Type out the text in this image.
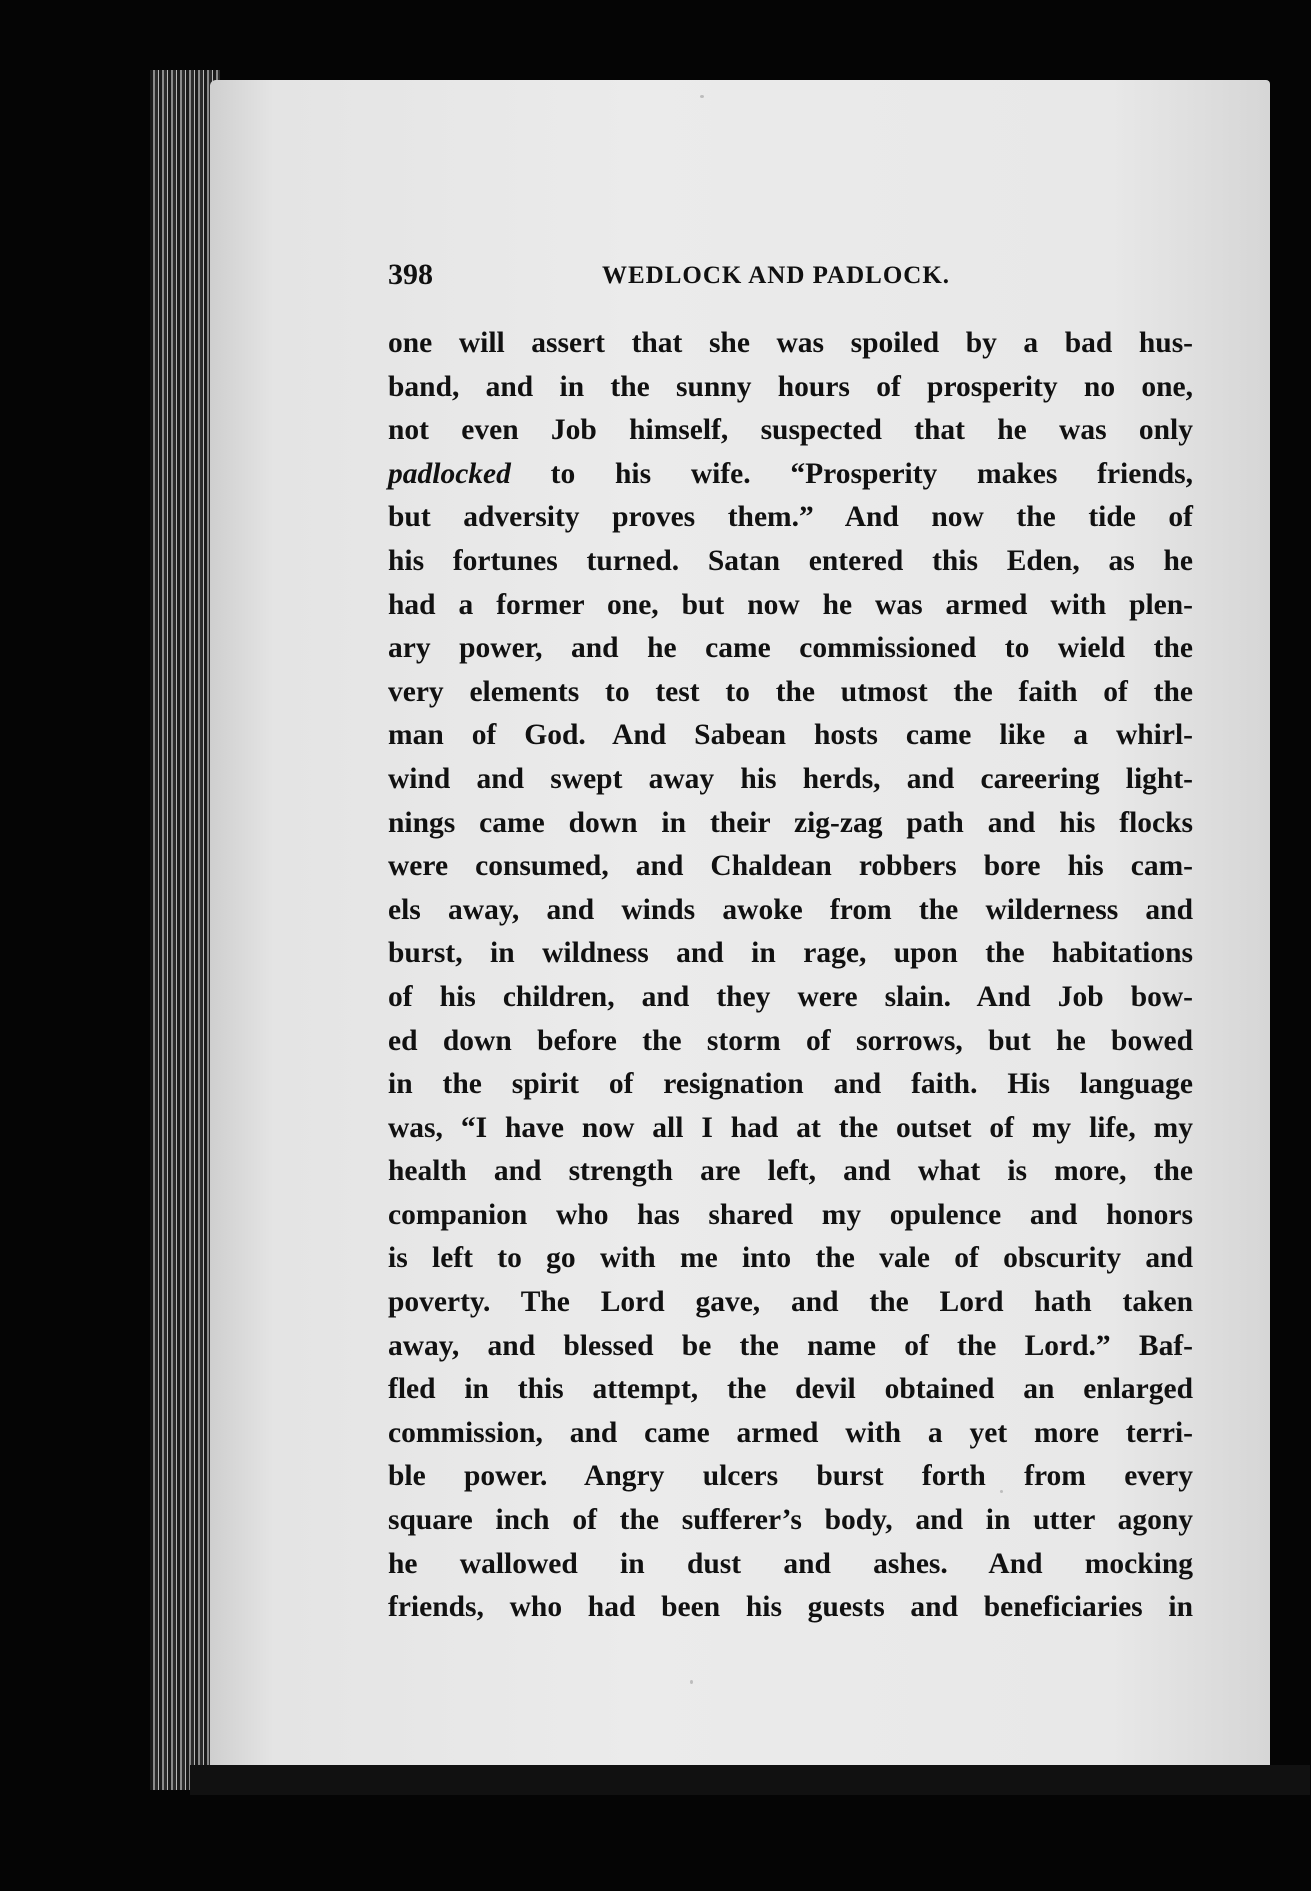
398	WEDLOCK AND PADLOCK.
one will assert that she was spoiled by a bad hus-
band, and in the sunny hours of prosperity no one,
not even Job himself, suspected that he was only
padlocked to his wife. “Prosperity makes friends,
but adversity proves them.” And now the tide of
his fortunes turned. Satan entered this Eden, as he
had a former one, but now he was armed with plen-
ary power, and he came commissioned to wield the
very elements to test to the utmost the faith of the
man of God. And Sabean hosts came like a whirl-
wind and swept away his herds, and careering light-
nings came down in their zig-zag path and his flocks
were consumed, and Chaldean robbers bore his cam-
els away, and winds awoke from the wilderness and
burst, in wildness and in rage, upon the habitations
of his children, and they were slain. And Job bow-
ed down before the storm of sorrows, but he bowed
in the spirit of resignation and faith. His language
was, “I have now all I had at the outset of my life, my
health and strength are left, and what is more, the
companion who has shared my opulence and honors
is left to go with me into the vale of obscurity and
poverty. The Lord gave, and the Lord hath taken
away, and blessed be the name of the Lord.” Baf-
fled in this attempt, the devil obtained an enlarged
commission, and came armed with a yet more terri-
ble power. Angry ulcers burst forth from every
square inch of the sufferer’s body, and in utter agony
he wallowed in dust and ashes. And mocking
friends, who had been his guests and beneficiaries in
